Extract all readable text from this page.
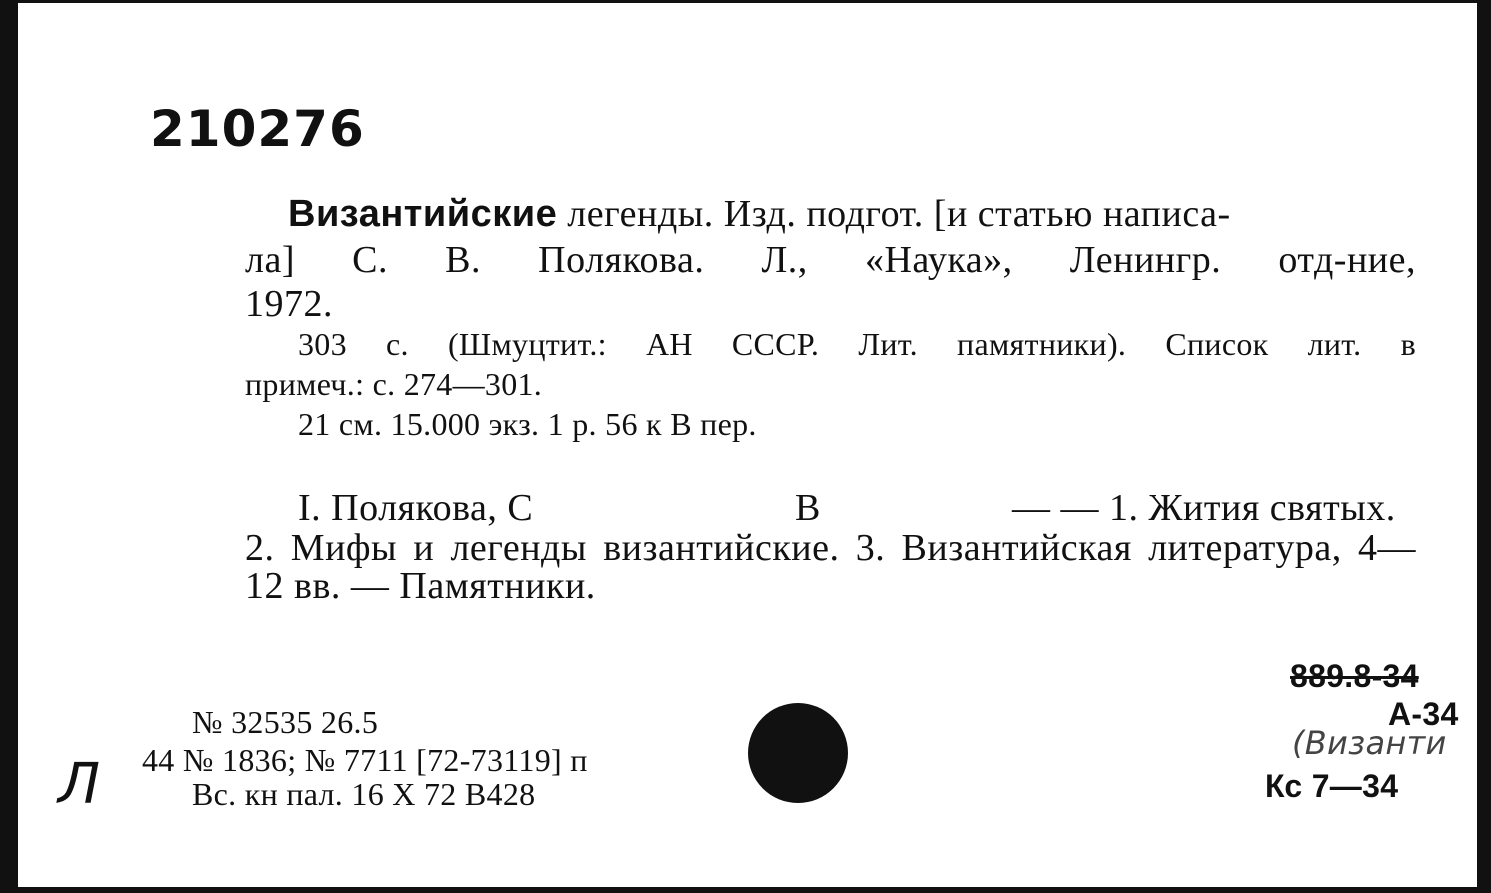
210276
Византийские легенды. Изд. подгот. [и статью написа-
ла] С. В. Полякова. Л., «Наука», Ленингр. отд-ние,
1972.
303 с. (Шмуцтит.: АН СССР. Лит. памятники). Список лит. в
примеч.: с. 274—301.
21 см. 15.000 экз. 1 р. 56 к В пер.
I. Полякова, С	В	— — 1. Жития святых.
2. Мифы и легенды византийские. 3. Византийская литература, 4—
12 вв. — Памятники.
№ 32535 26.5
44 № 1836; № 7711 [72-73119] п
Вс. кн пал. 16 Х 72 В428
889.8-34
А-34
(Византи
Кс 7—34
Л
